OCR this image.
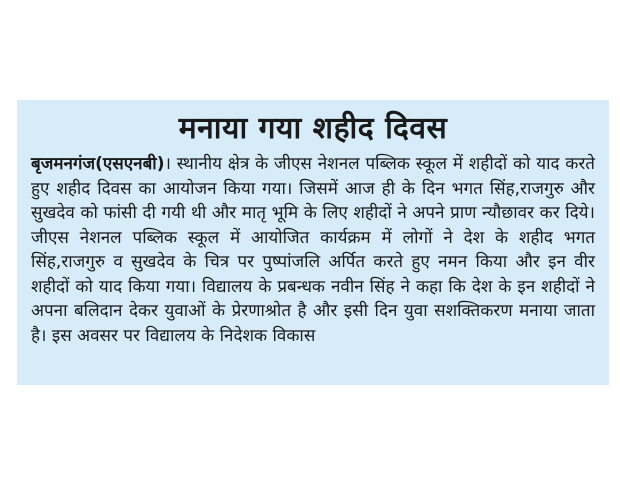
मनाया गया शहीद दिवस

बृजमनगंज(एसएनबी)। स्थानीय क्षेत्र के जीएस नेशनल पब्लिक स्कूल में शहीदों को याद करते हुए शहीद दिवस का आयोजन किया गया। जिसमें आज ही के दिन भगत सिंह,राजगुरु और सुखदेव को फांसी दी गयी थी और मातृ भूमि के लिए शहीदों ने अपने प्राण न्यौछावर कर दिये। जीएस नेशनल पब्लिक स्कूल में आयोजित कार्यक्रम में लोगों ने देश के शहीद भगत सिंह,राजगुरु व सुखदेव के चित्र पर पुष्पांजलि अर्पित करते हुए नमन किया और इन वीर शहीदों को याद किया गया। विद्यालय के प्रबन्धक नवीन सिंह ने कहा कि देश के इन शहीदों ने अपना बलिदान देकर युवाओं के प्रेरणाश्रोत है और इसी दिन युवा सशक्तिकरण मनाया जाता है। इस अवसर पर विद्यालय के निदेशक विकास
